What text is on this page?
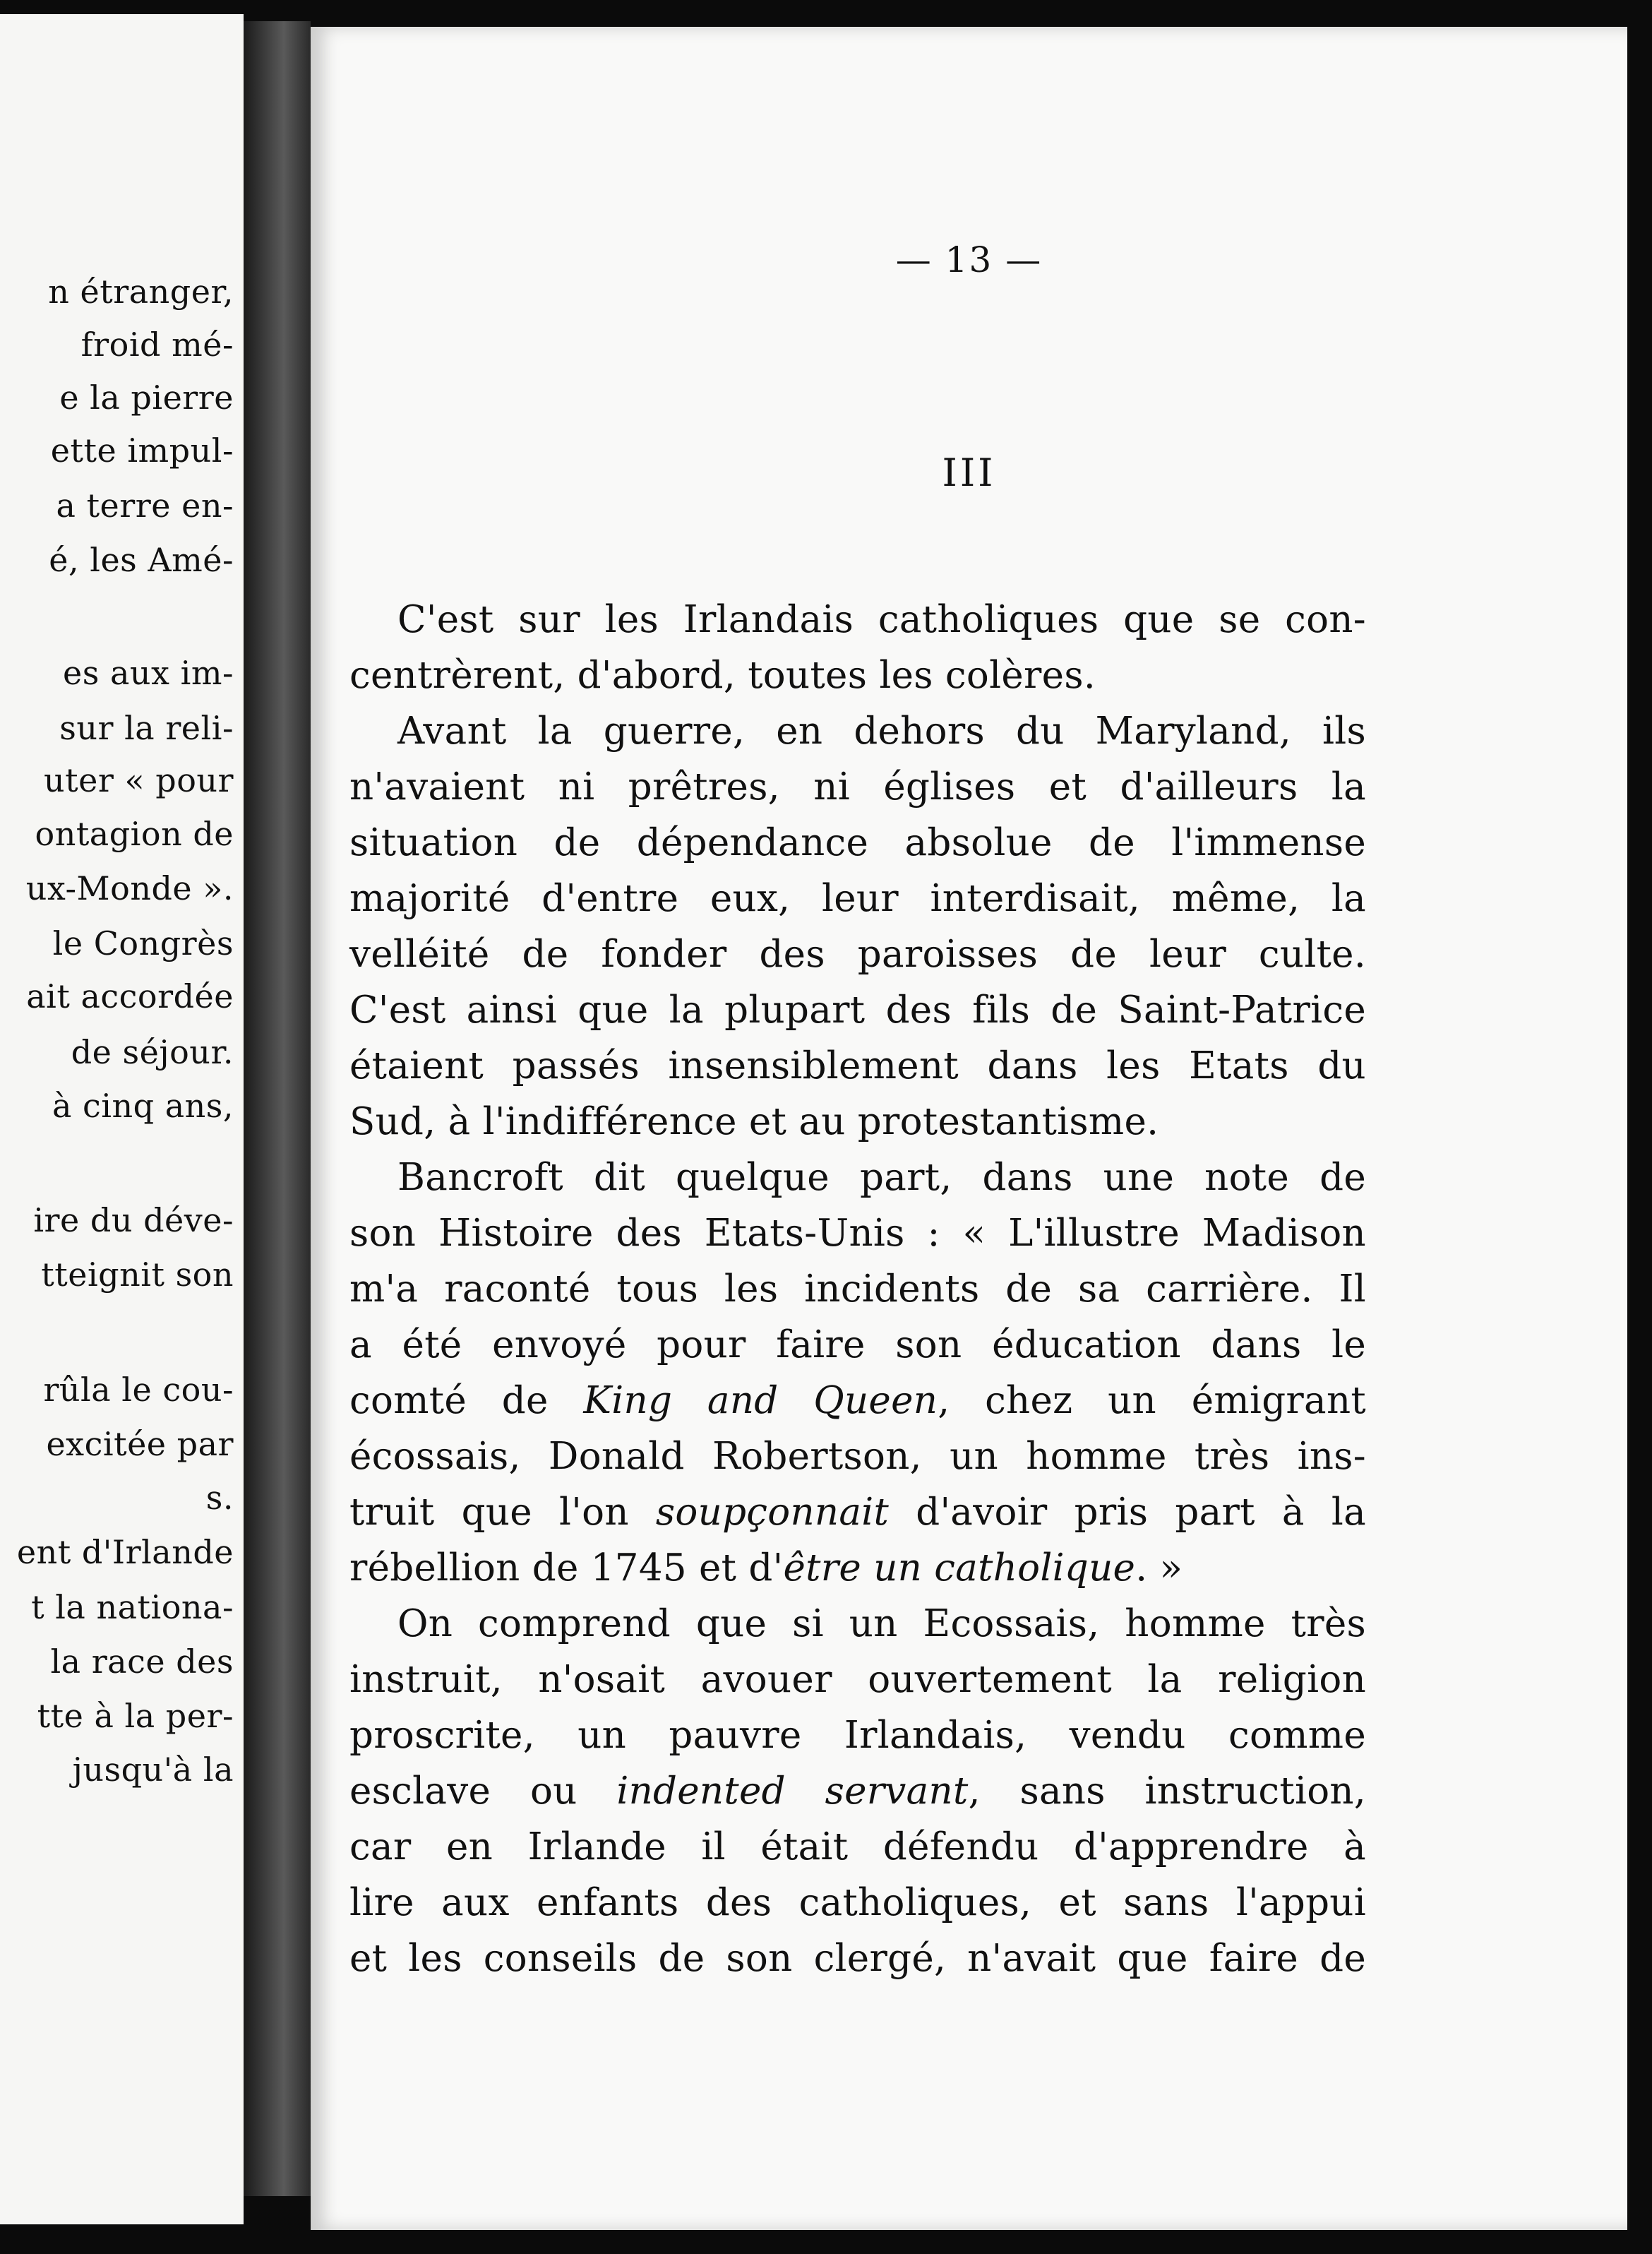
n étranger,
froid mé-
e la pierre
ette impul-
a terre en-
é, les Amé-
es aux im-
sur la reli-
uter « pour
ontagion de
ux-Monde ».
le Congrès
ait accordée
de séjour.
à cinq ans,
ire du déve-
tteignit son
rûla le cou-
excitée par
s.
ent d'Irlande
t la nationa-
la race des
tte à la per-
jusqu'à la
— 13 —
III
C'est sur les Irlandais catholiques que se con-
centrèrent, d'abord, toutes les colères.
Avant la guerre, en dehors du Maryland, ils
n'avaient ni prêtres, ni églises et d'ailleurs la
situation de dépendance absolue de l'immense
majorité d'entre eux, leur interdisait, même, la
velléité de fonder des paroisses de leur culte.
C'est ainsi que la plupart des fils de Saint-Patrice
étaient passés insensiblement dans les Etats du
Sud, à l'indifférence et au protestantisme.
Bancroft dit quelque part, dans une note de
son Histoire des Etats-Unis : « L'illustre Madison
m'a raconté tous les incidents de sa carrière. Il
a été envoyé pour faire son éducation dans le
comté de King and Queen, chez un émigrant
écossais, Donald Robertson, un homme très ins-
truit que l'on soupçonnait d'avoir pris part à la
rébellion de 1745 et d'être un catholique. »
On comprend que si un Ecossais, homme très
instruit, n'osait avouer ouvertement la religion
proscrite, un pauvre Irlandais, vendu comme
esclave ou indented servant, sans instruction,
car en Irlande il était défendu d'apprendre à
lire aux enfants des catholiques, et sans l'appui
et les conseils de son clergé, n'avait que faire de
